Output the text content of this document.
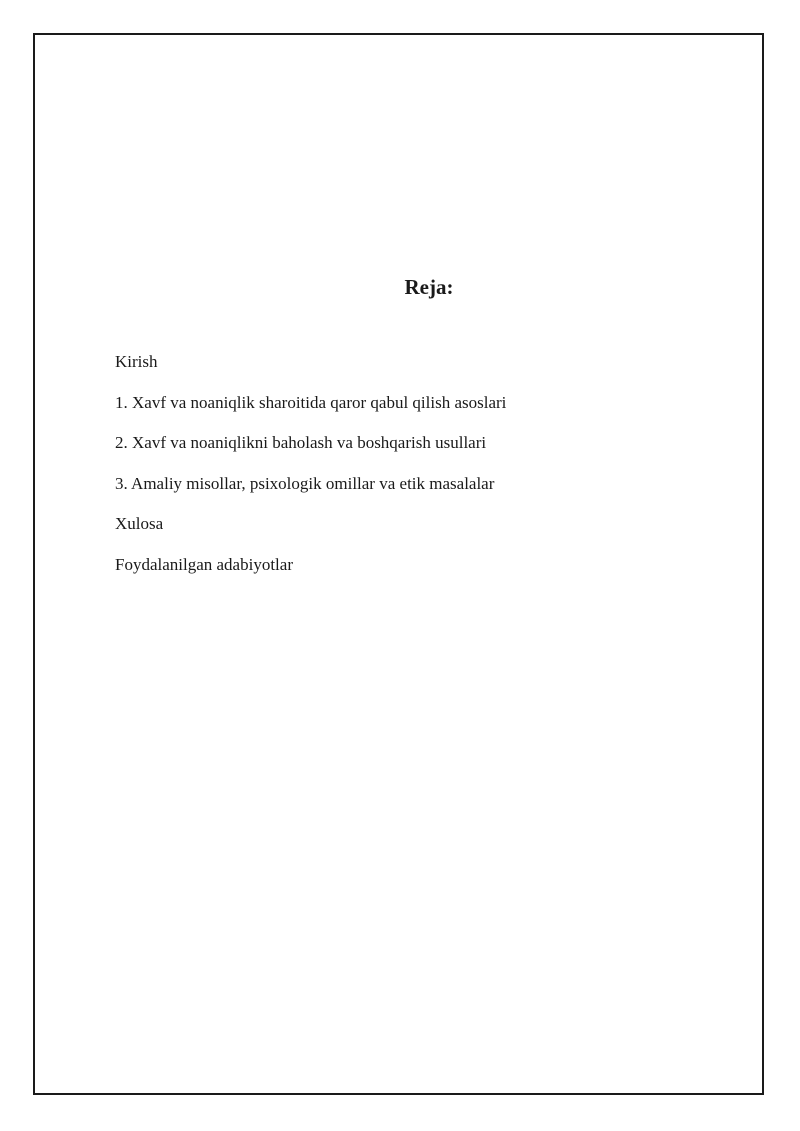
Reja:
Kirish
1. Xavf va noaniqlik sharoitida qaror qabul qilish asoslari
2. Xavf va noaniqlikni baholash va boshqarish usullari
3. Amaliy misollar, psixologik omillar va etik masalalar
Xulosa
Foydalanilgan adabiyotlar
